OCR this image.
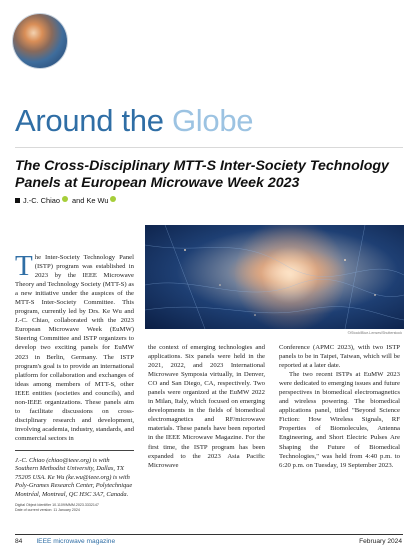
Around the Globe
The Cross-Disciplinary MTT-S Inter-Society Technology Panels at European Microwave Week 2023
J.-C. Chiao and Ke Wu
©iStock/Blue-Lenses/Shutterstock

The Inter-Society Technology Panel (ISTP) program was established in 2023 by the IEEE Microwave Theory and Technology Society (MTT-S) as a new initiative under the auspices of the MTT-S Inter-Society Committee. This program, currently led by Drs. Ke Wu and J.-C. Chiao, collaborated with the 2023 European Microwave Week (EuMW) Steering Committee and ISTP organizers to develop two exciting panels for EuMW 2023 in Berlin, Germany. The ISTP program's goal is to provide an international platform for collaboration and exchanges of ideas among members of MTT-S, other IEEE entities (societies and councils), and non-IEEE organizations. These panels aim to facilitate discussions on cross-disciplinary research and development, involving academia, industry, standards, and commercial sectors in

the context of emerging technologies and applications. Six panels were held in the 2021, 2022, and 2023 International Microwave Symposia virtually, in Denver, CO and San Diego, CA, respectively. Two panels were organized at the EuMW 2022 in Milan, Italy, which focused on emerging developments in the fields of biomedical electromagnetics and RF/microwave materials. These panels have been reported in the IEEE Microwave Magazine. For the first time, the ISTP program has been expanded to the 2023 Asia Pacific Microwave

Conference (APMC 2023), with two ISTP panels to be in Taipei, Taiwan, which will be reported at a later date.

The two recent ISTPs at EuMW 2023 were dedicated to emerging issues and future perspectives in biomedical electromagnetics and wireless powering. The biomedical applications panel, titled "Beyond Science Fiction: How Wireless Signals, RF Properties of Biomolecules, Antenna Engineering, and Short Electric Pulses Are Shaping the Future of Biomedical Technologies," was held from 4:40 p.m. to 6:20 p.m. on Tuesday, 19 September 2023.

J.-C. Chiao (chiao@ieee.org) is with Southern Methodist University, Dallas, TX 75205 USA. Ke Wu (ke.wu@ieee.org) is with Poly-Grames Research Center, Polytechnique Montréal, Montreal, QC H3C 3A7, Canada.

Digital Object Identifier 10.1109/MMM.2023.3332147
Date of current version: 11 January 2024
84 IEEE microwave magazine	February 2024
